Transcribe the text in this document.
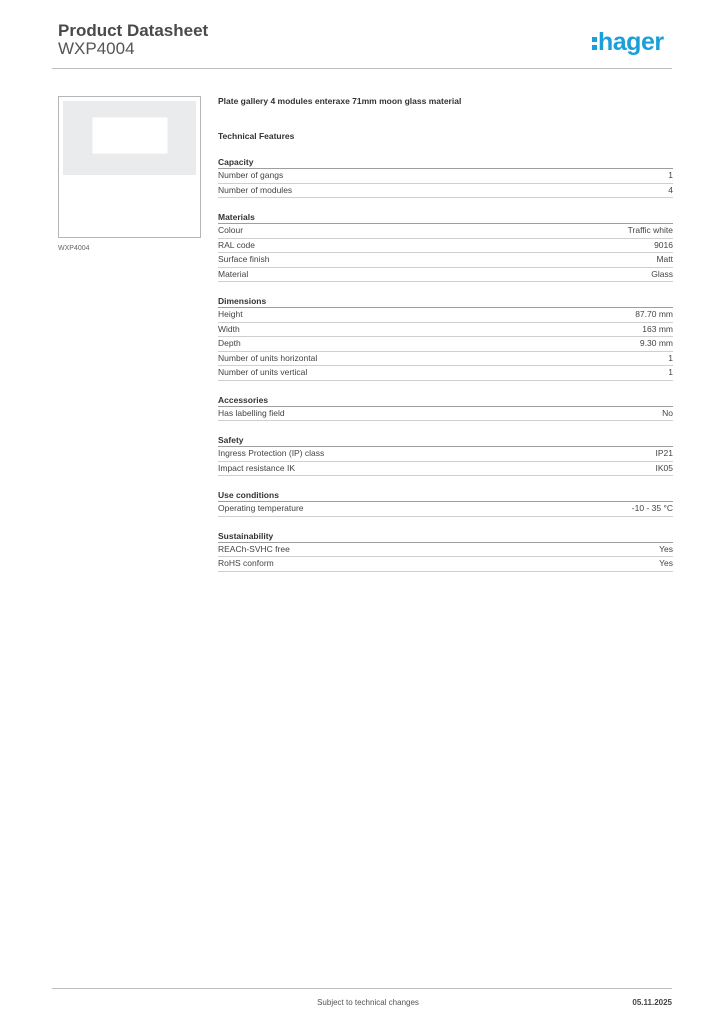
Product Datasheet
WXP4004	hager
WXP4004
Plate gallery 4 modules enteraxe 71mm moon glass material
Technical Features
Capacity
Number of gangs	1
Number of modules	4
Materials
Colour	Traffic white
RAL code	9016
Surface finish	Matt
Material	Glass
Dimensions
Height	87.70 mm
Width	163 mm
Depth	9.30 mm
Number of units horizontal	1
Number of units vertical	1
Accessories
Has labelling field	No
Safety
Ingress Protection (IP) class	IP21
Impact resistance IK	IK05
Use conditions
Operating temperature	-10 - 35 °C
Sustainability
REACh-SVHC free	Yes
RoHS conform	Yes
Subject to technical changes	05.11.2025
